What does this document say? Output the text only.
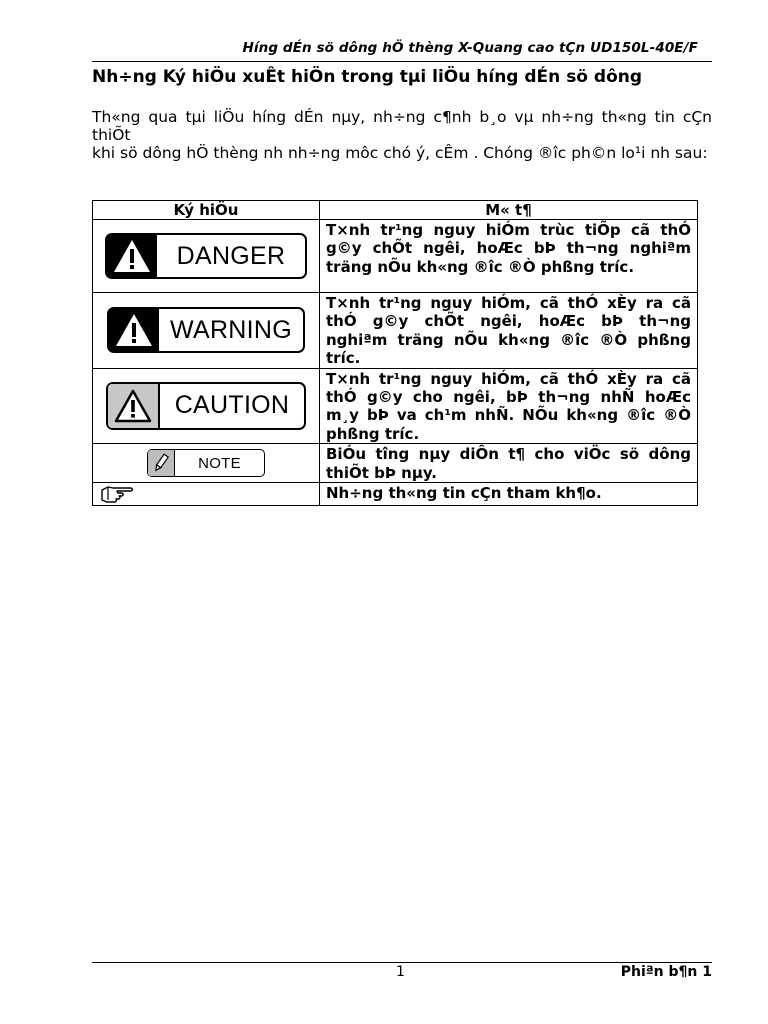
Híng dÉn sö dông hÖ thèng X-Quang cao tÇn UD150L-40E/F
Nh÷ng Ký hiÖu xuÊt hiÖn trong tµi liÖu híng dÉn sö dông

Th«ng qua tµi liÖu híng dÉn nµy, nh÷ng c¶nh b¸o vµ nh÷ng th«ng tin cÇn thiÕt

khi sö dông hÖ thèng nh nh÷ng môc chó ý, cÊm . Chóng ®îc ph©n lo¹i nh sau:

Ký hiÖu	M« t¶

DANGER	T×nh tr¹ng nguy hiÓm trùc tiÕp cã thÓ g©y chÕt ngêi, hoÆc bÞ th¬ng nghiªm träng nÕu kh«ng ®îc ®Ò phßng tríc.

WARNING	T×nh tr¹ng nguy hiÓm, cã thÓ xÈy ra cã thÓ g©y chÕt ngêi, hoÆc bÞ th¬ng nghiªm träng nÕu kh«ng ®îc ®Ò phßng tríc.

CAUTION	T×nh tr¹ng nguy hiÓm, cã thÓ xÈy ra cã thÓ g©y cho ngêi, bÞ th¬ng nhÑ hoÆc m¸y bÞ va ch¹m nhÑ. NÕu kh«ng ®îc ®Ò phßng tríc.

NOTE	BiÓu tîng nµy diÔn t¶ cho viÖc sö dông thiÕt bÞ nµy.

	Nh÷ng th«ng tin cÇn tham kh¶o.
1	Phiªn b¶n 1
